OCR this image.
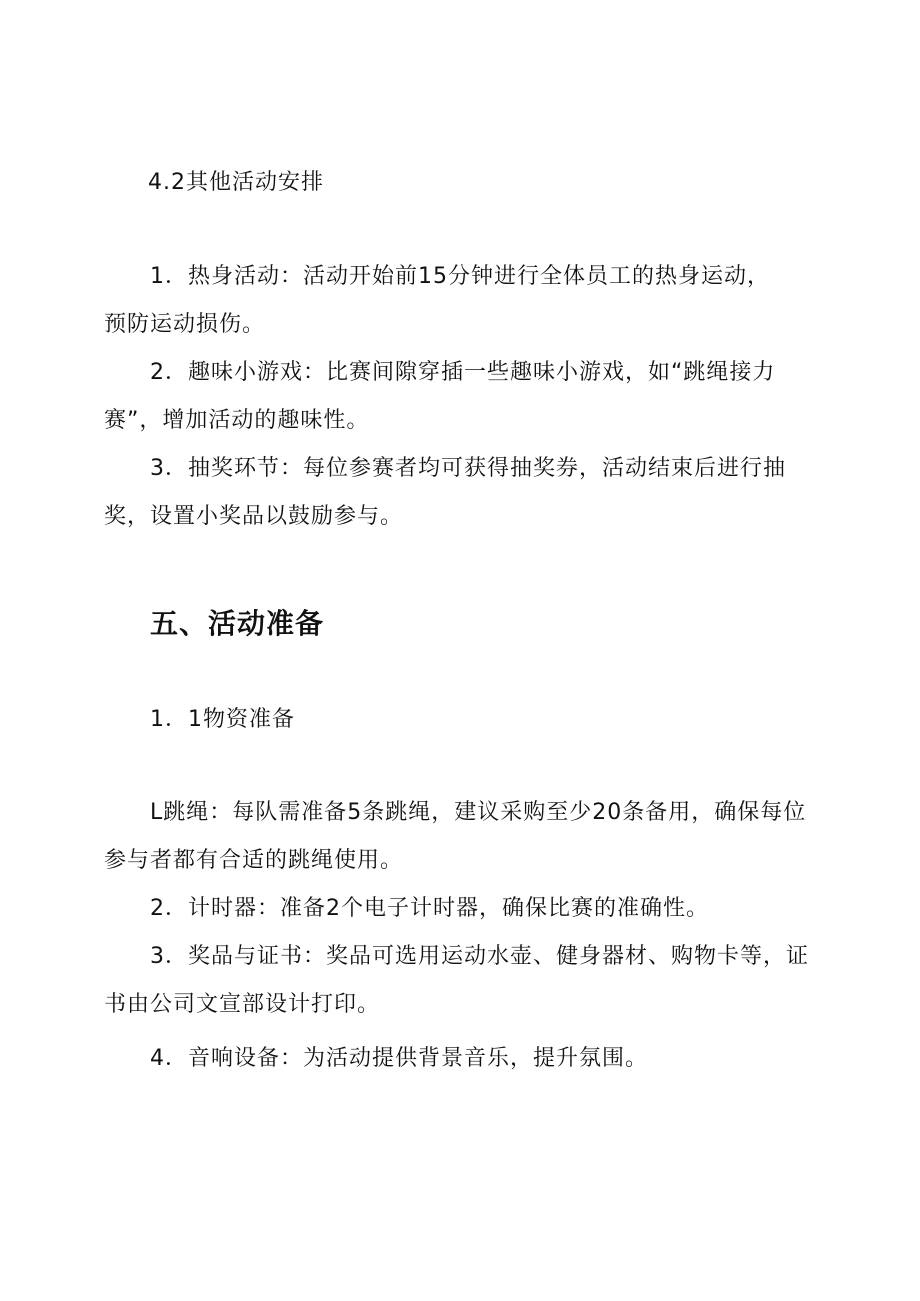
4.2其他活动安排
1．热身活动：活动开始前15分钟进行全体员工的热身运动，
预防运动损伤。
2．趣味小游戏：比赛间隙穿插一些趣味小游戏，如“跳绳接力
赛”，增加活动的趣味性。
3．抽奖环节：每位参赛者均可获得抽奖券，活动结束后进行抽
奖，设置小奖品以鼓励参与。
五、活动准备
1．1物资准备
L跳绳：每队需准备5条跳绳，建议采购至少20条备用，确保每位
参与者都有合适的跳绳使用。
2．计时器：准备2个电子计时器，确保比赛的准确性。
3．奖品与证书：奖品可选用运动水壶、健身器材、购物卡等，证
书由公司文宣部设计打印。
4．音响设备：为活动提供背景音乐，提升氛围。
